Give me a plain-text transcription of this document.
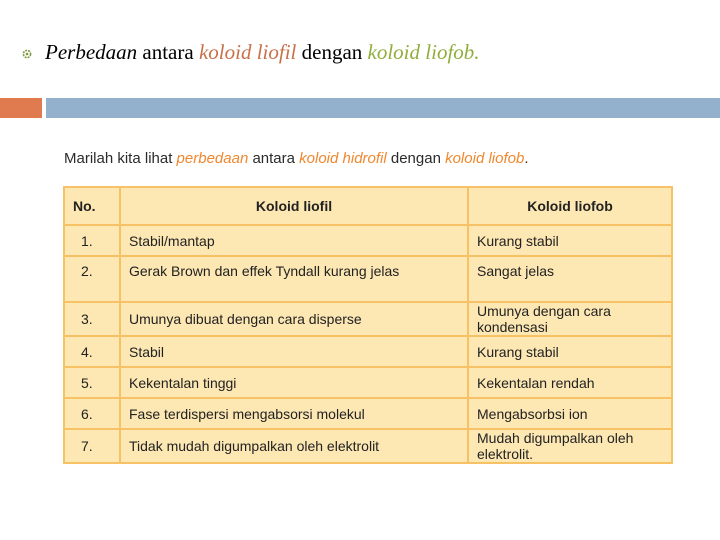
Perbedaan antara koloid liofil dengan koloid liofob.
Marilah kita lihat perbedaan antara koloid hidrofil dengan koloid liofob.
No.	Koloid liofil	Koloid liofob
1.	Stabil/mantap	Kurang stabil
2.	Gerak Brown dan effek Tyndall kurang jelas	Sangat jelas
3.	Umunya dibuat dengan cara disperse	Umunya dengan cara kondensasi
4.	Stabil	Kurang stabil
5.	Kekentalan tinggi	Kekentalan rendah
6.	Fase terdispersi mengabsorsi molekul	Mengabsorbsi ion
7.	Tidak mudah digumpalkan oleh elektrolit	Mudah digumpalkan oleh elektrolit.
